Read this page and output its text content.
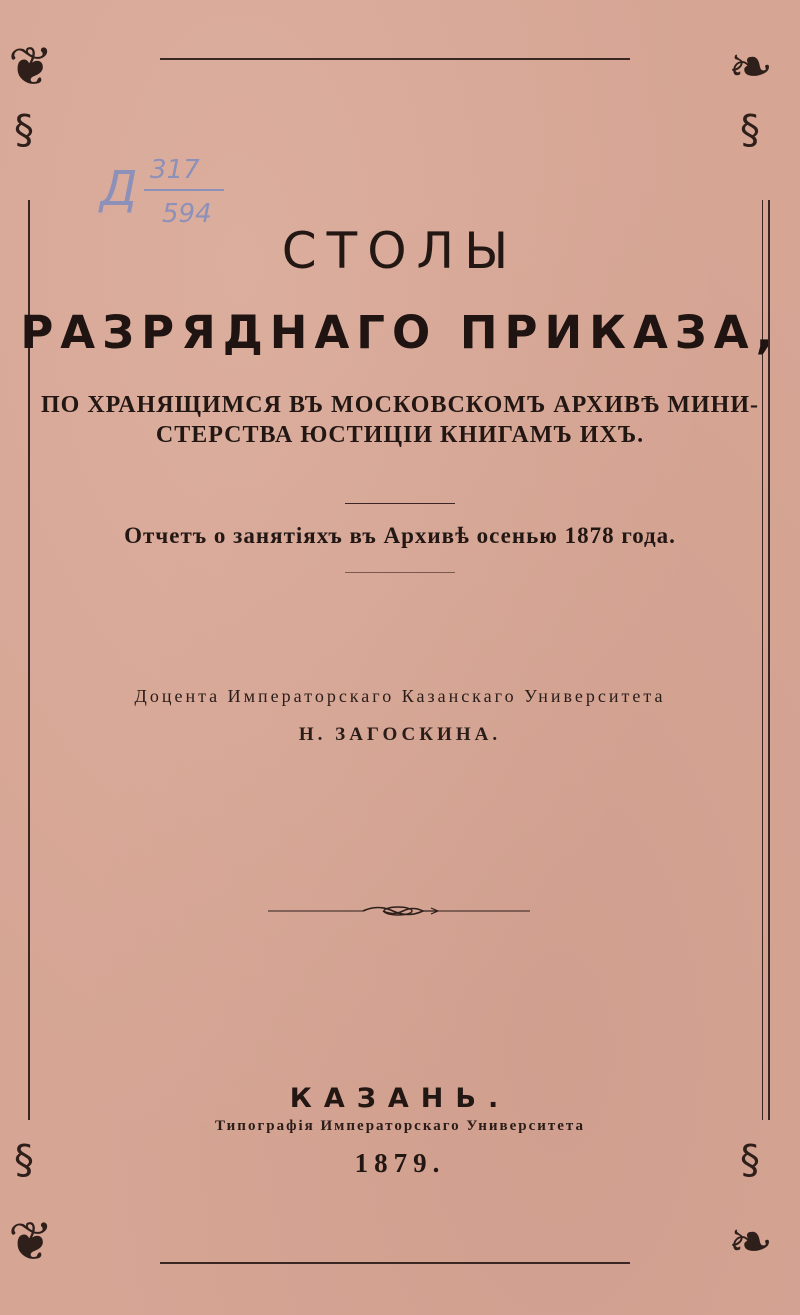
❦
§
❧
§
❦
§
❧
§
Д 317
594
СТОЛЫ
РАЗРЯДНАГО ПРИКАЗА,
ПО ХРАНЯЩИМСЯ ВЪ МОСКОВСКОМЪ АРХИВѢ МИНИ-
СТЕРСТВА ЮСТИЦІИ КНИГАМЪ ИХЪ.
Отчетъ о занятіяхъ въ Архивѣ осенью 1878 года.
Доцента Императорскаго Казанскаго Университета
Н. ЗАГОСКИНА.
КАЗАНЬ.
Типографія Императорскаго Университета
1879.
